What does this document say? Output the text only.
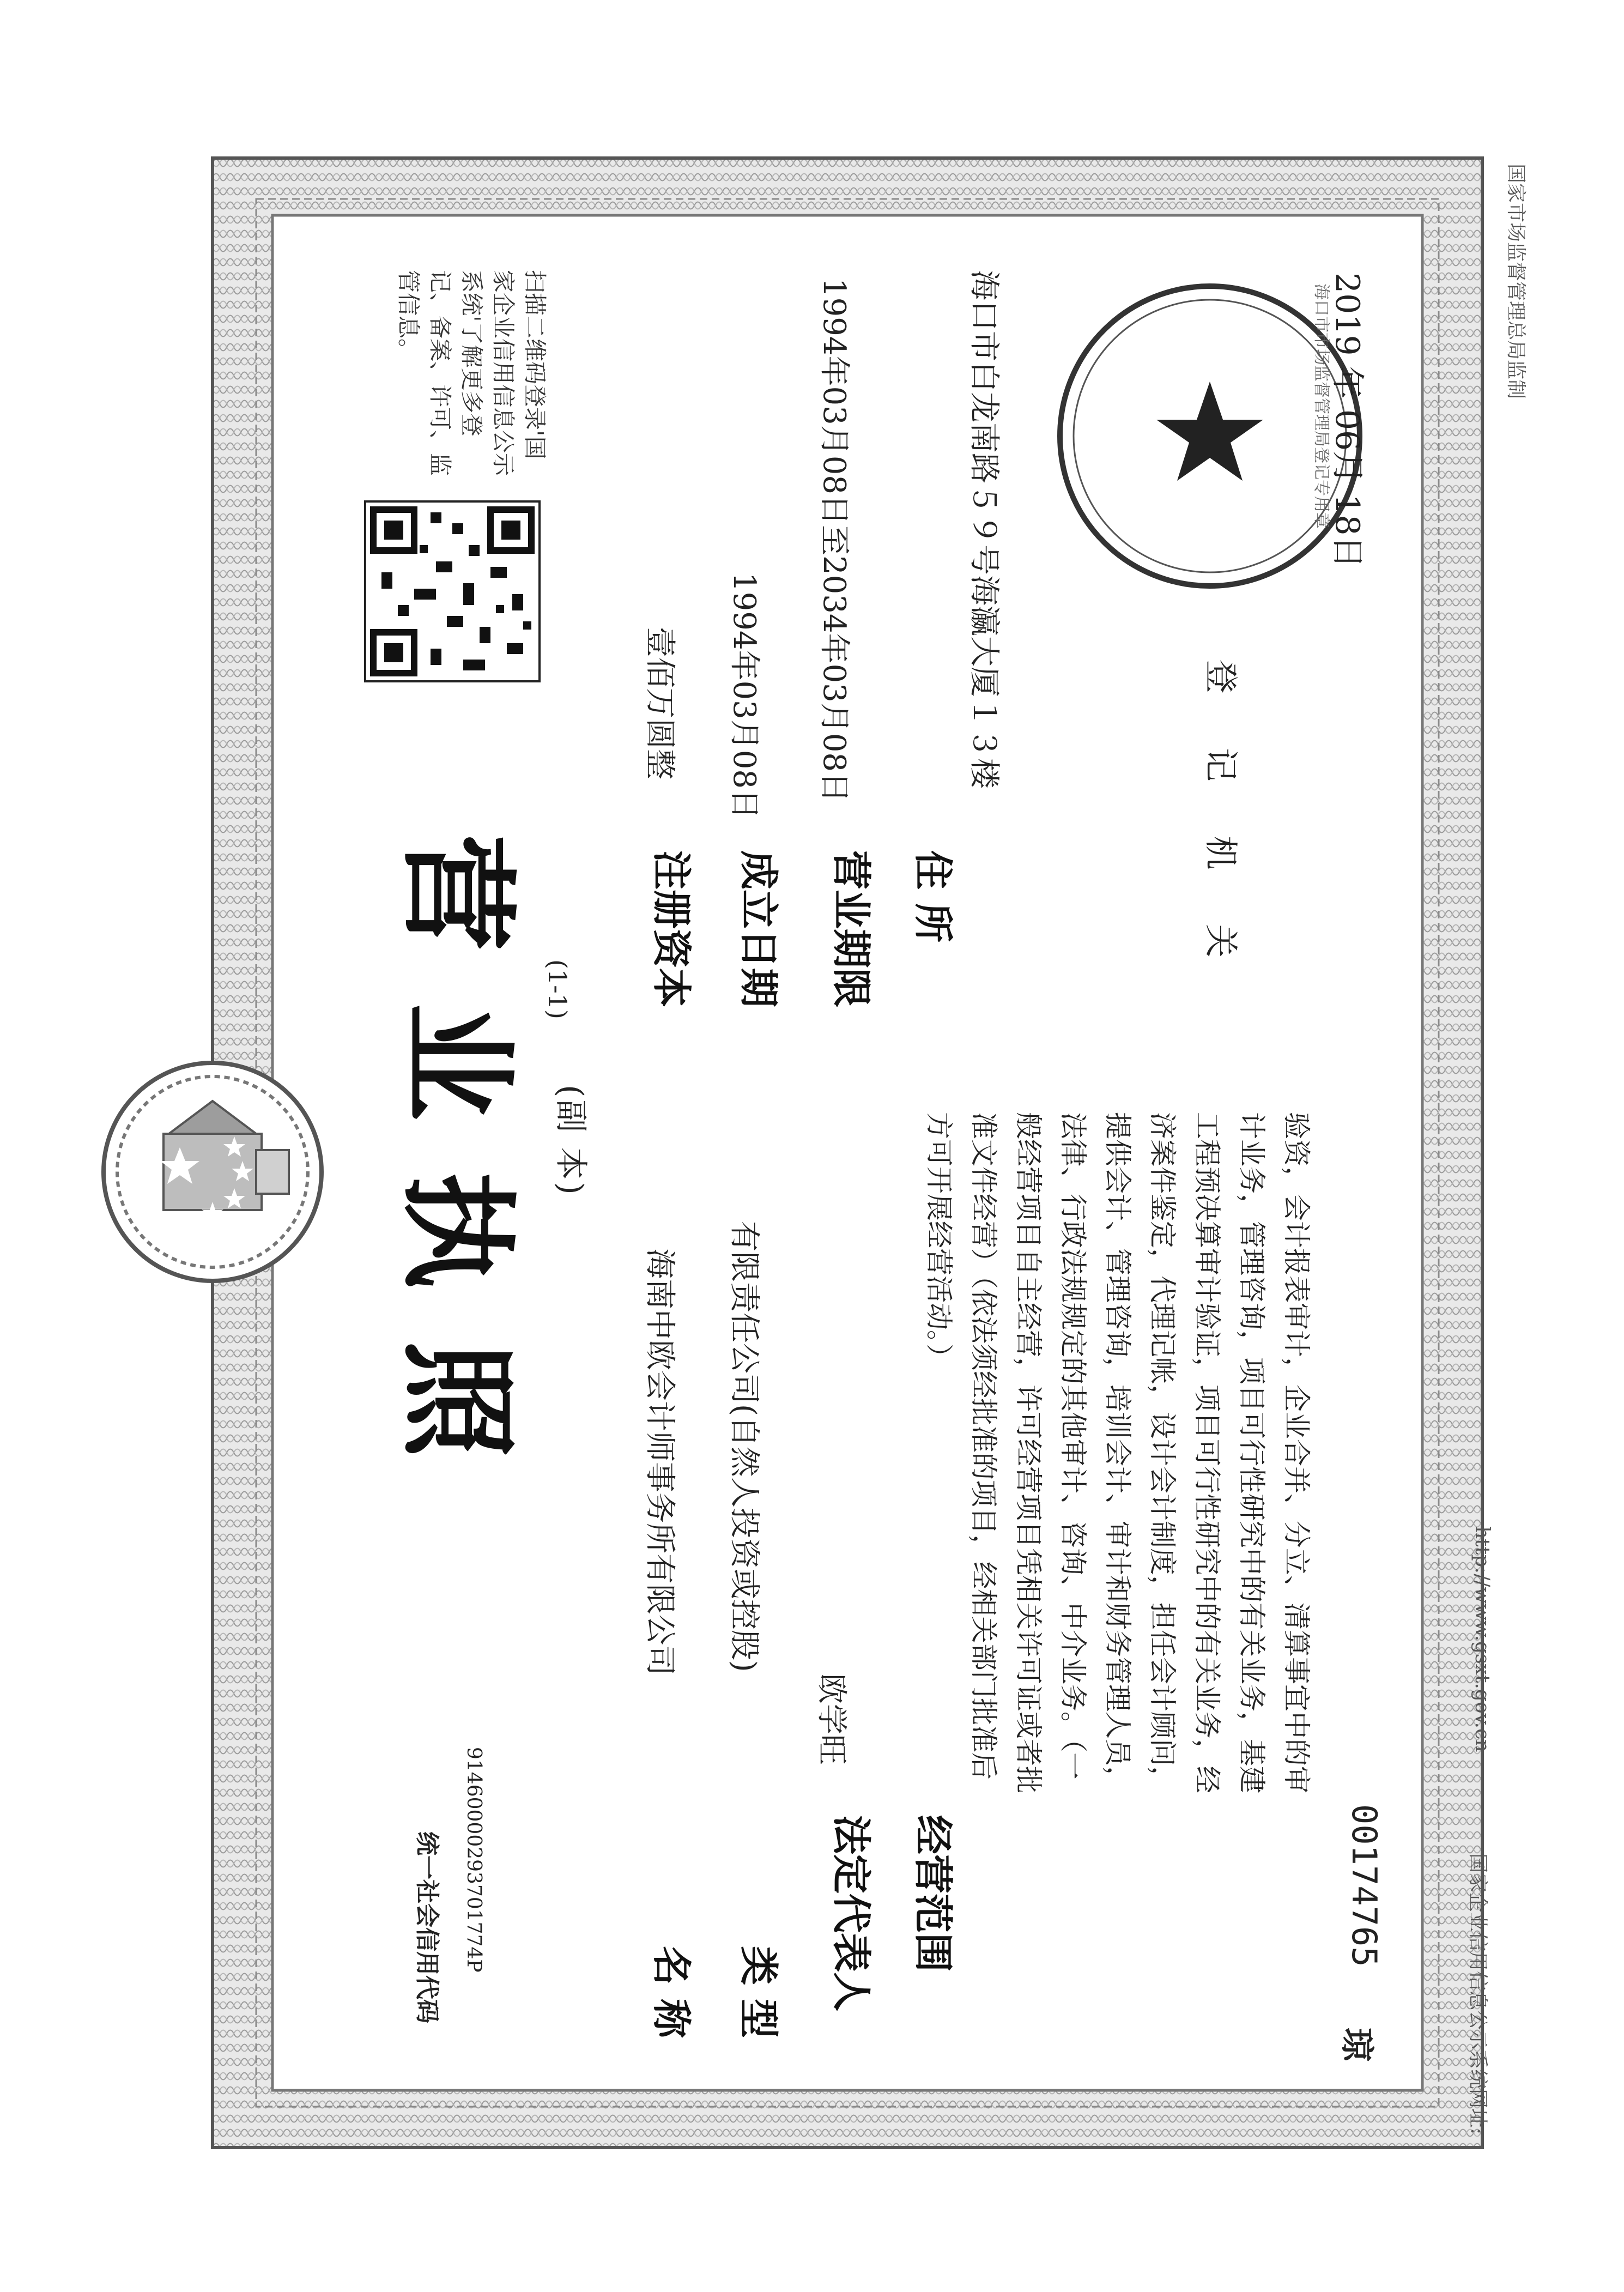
统一社会信用代码	91460000293701774P
营业执照 (副 本)
(1-1)
名 称
海南中欧会计师事务所有限公司
类 型
有限责任公司(自然人投资或控股)
法定代表人
欧学旺
经营范围
验资，会计报表审计，企业合并、分立、清算事宜中的审计业务，管理咨询，项目可行性研究中的有关业务，基建工程预决算审计验证，项目可行性研究中的有关业务，经济案件鉴定，代理记帐，设计会计制度，担任会计顾问，提供会计、管理咨询，培训会计、审计和财务管理人员，法律、行政法规规定的其他审计、咨询、中介业务。（一般经营项目自主经营，许可经营项目凭相关许可证或者批准文件经营）（依法须经批准的项目，经相关部门批准后方可开展经营活动。）
注册资本
壹佰万圆整
成立日期
1994年03月08日
营业期限
1994年03月08日至2034年03月08日
住 所
海口市白龙南路５９号海瀛大厦１３楼
扫描二维码登录'国家企业信用信息公示系统'了解更多登记、备案、许可、监管信息。
登 记 机 关
2019 年 06月 18日
海口市市场监督管理局登记专用章
00174765
琼	国家企业信用信息公示系统网址:
http://www.gsxt.gov.cn
国家市场监督管理总局监制
